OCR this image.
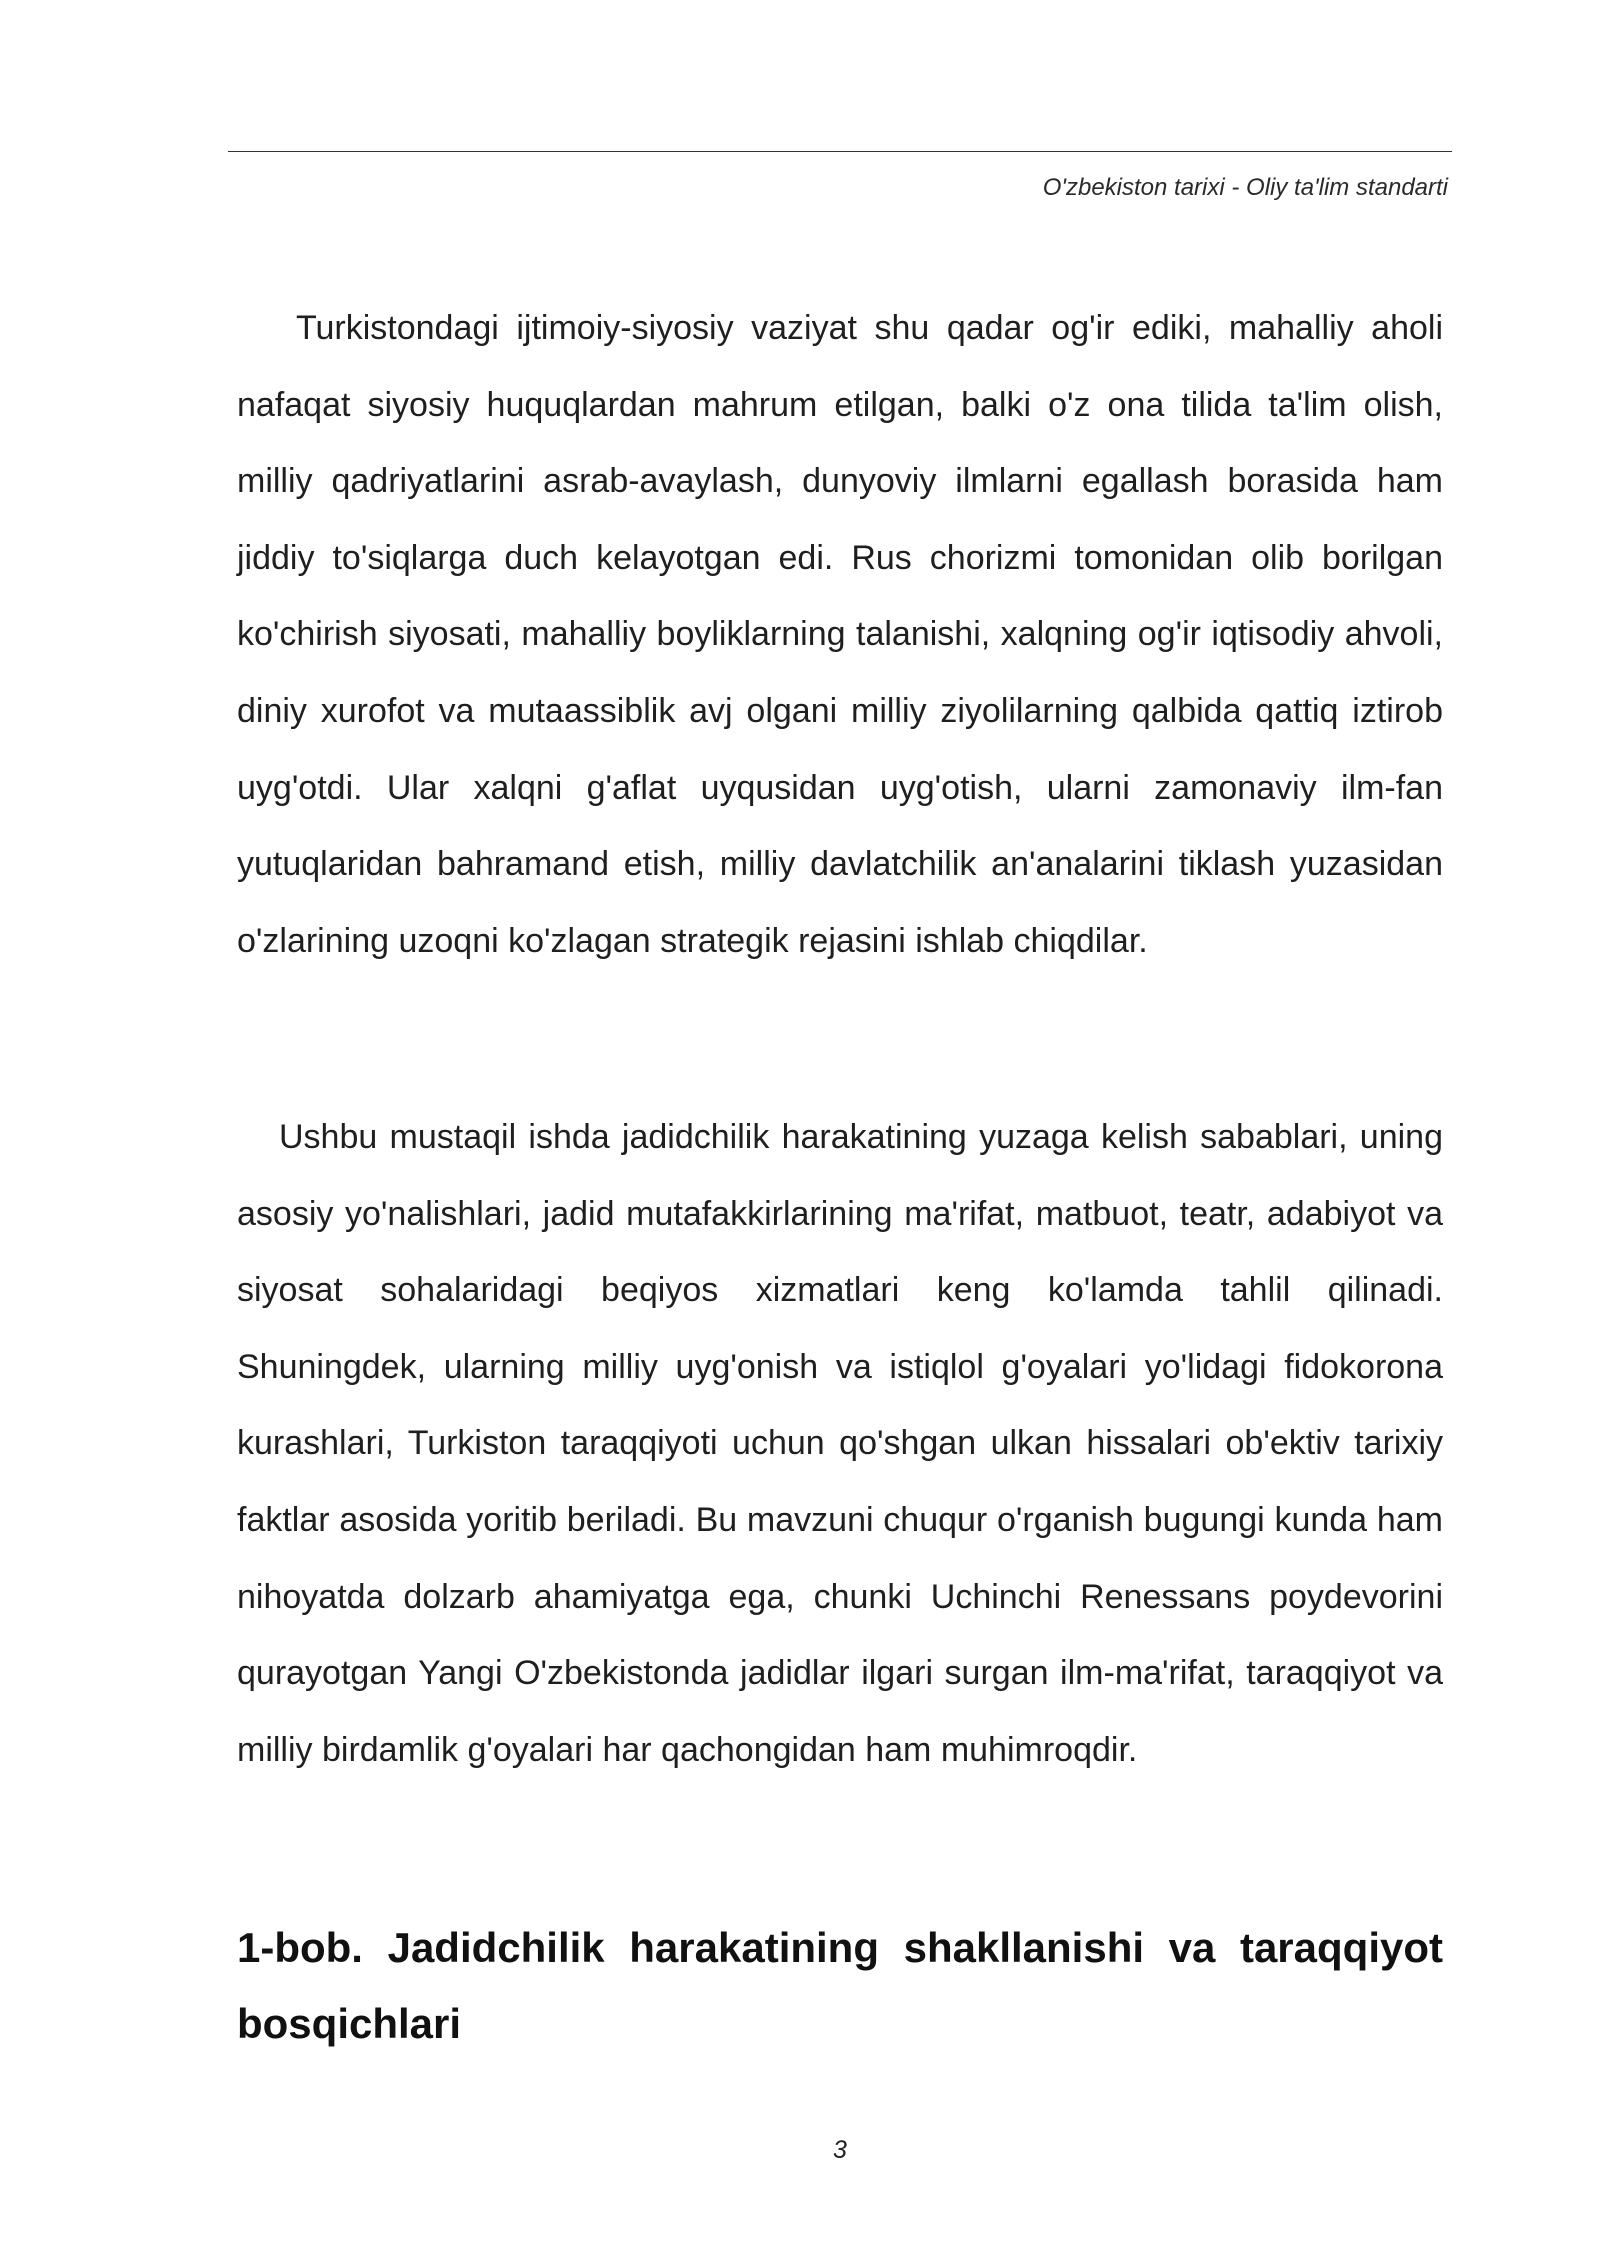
O'zbekiston tarixi - Oliy ta'lim standarti

Turkistondagi ijtimoiy-siyosiy vaziyat shu qadar og'ir ediki, mahalliy aholi nafaqat siyosiy huquqlardan mahrum etilgan, balki o'z ona tilida ta'lim olish, milliy qadriyatlarini asrab-avaylash, dunyoviy ilmlarni egallash borasida ham jiddiy to'siqlarga duch kelayotgan edi. Rus chorizmi tomonidan olib borilgan ko'chirish siyosati, mahalliy boyliklarning talanishi, xalqning og'ir iqtisodiy ahvoli, diniy xurofot va mutaassiblik avj olgani milliy ziyolilarning qalbida qattiq iztirob uyg'otdi. Ular xalqni g'aflat uyqusidan uyg'otish, ularni zamonaviy ilm-fan yutuqlaridan bahramand etish, milliy davlatchilik an'analarini tiklash yuzasidan o'zlarining uzoqni ko'zlagan strategik rejasini ishlab chiqdilar.

Ushbu mustaqil ishda jadidchilik harakatining yuzaga kelish sabablari, uning asosiy yo'nalishlari, jadid mutafakkirlarining ma'rifat, matbuot, teatr, adabiyot va siyosat sohalaridagi beqiyos xizmatlari keng ko'lamda tahlil qilinadi. Shuningdek, ularning milliy uyg'onish va istiqlol g'oyalari yo'lidagi fidokorona kurashlari, Turkiston taraqqiyoti uchun qo'shgan ulkan hissalari ob'ektiv tarixiy faktlar asosida yoritib beriladi. Bu mavzuni chuqur o'rganish bugungi kunda ham nihoyatda dolzarb ahamiyatga ega, chunki Uchinchi Renessans poydevorini qurayotgan Yangi O'zbekistonda jadidlar ilgari surgan ilm-ma'rifat, taraqqiyot va milliy birdamlik g'oyalari har qachongidan ham muhimroqdir.

1-bob. Jadidchilik harakatining shakllanishi va taraqqiyot bosqichlari
3
